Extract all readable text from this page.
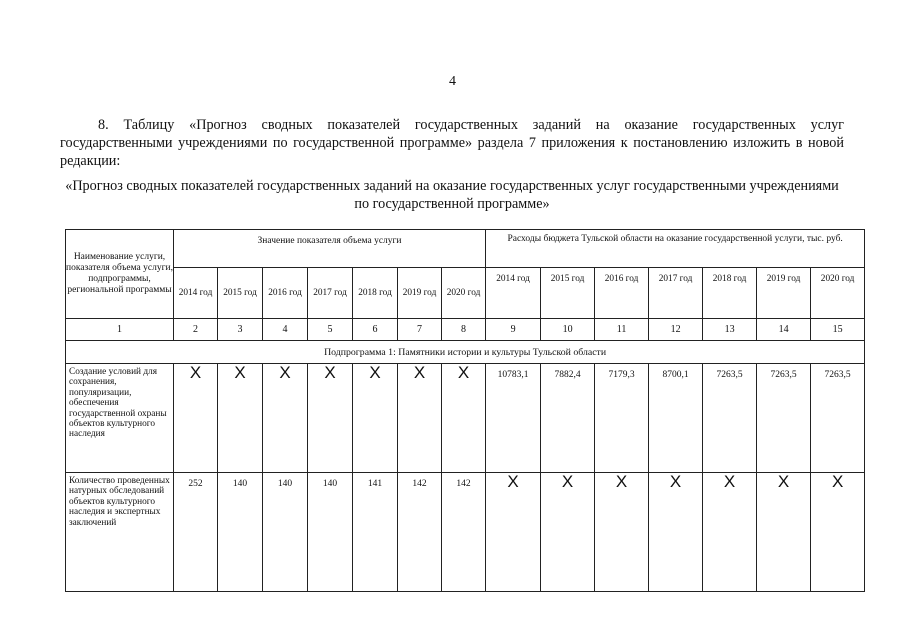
4
8. Таблицу «Прогноз сводных показателей государственных заданий на оказание государственных услуг государственными учреждениями по государственной программе» раздела 7 приложения к постановлению изложить в новой редакции:
«Прогноз сводных показателей государственных заданий на оказание государственных услуг государственными учреждениями по государственной программе»
Наименование услуги, показателя объема услуги, подпрограммы, региональной программы	Значение показателя объема услуги							Расходы бюджета Тульской области на оказание государственной услуги, тыс. руб.						
	2014 год	2015 год	2016 год	2017 год	2018 год	2019 год	2020 год	2014 год	2015 год	2016 год	2017 год	2018 год	2019 год	2020 год
1	2	3	4	5	6	7	8	9	10	11	12	13	14	15
Подпрограмма 1: Памятники истории и культуры Тульской области														
Создание условий для сохранения, популяризации, обеспечения государственной охраны объектов культурного наследия	X	X	X	X	X	X	X	10783,1	7882,4	7179,3	8700,1	7263,5	7263,5	7263,5
Количество проведенных натурных обследований объектов культурного наследия и экспертных заключений	252	140	140	140	141	142	142	X	X	X	X	X	X	X
